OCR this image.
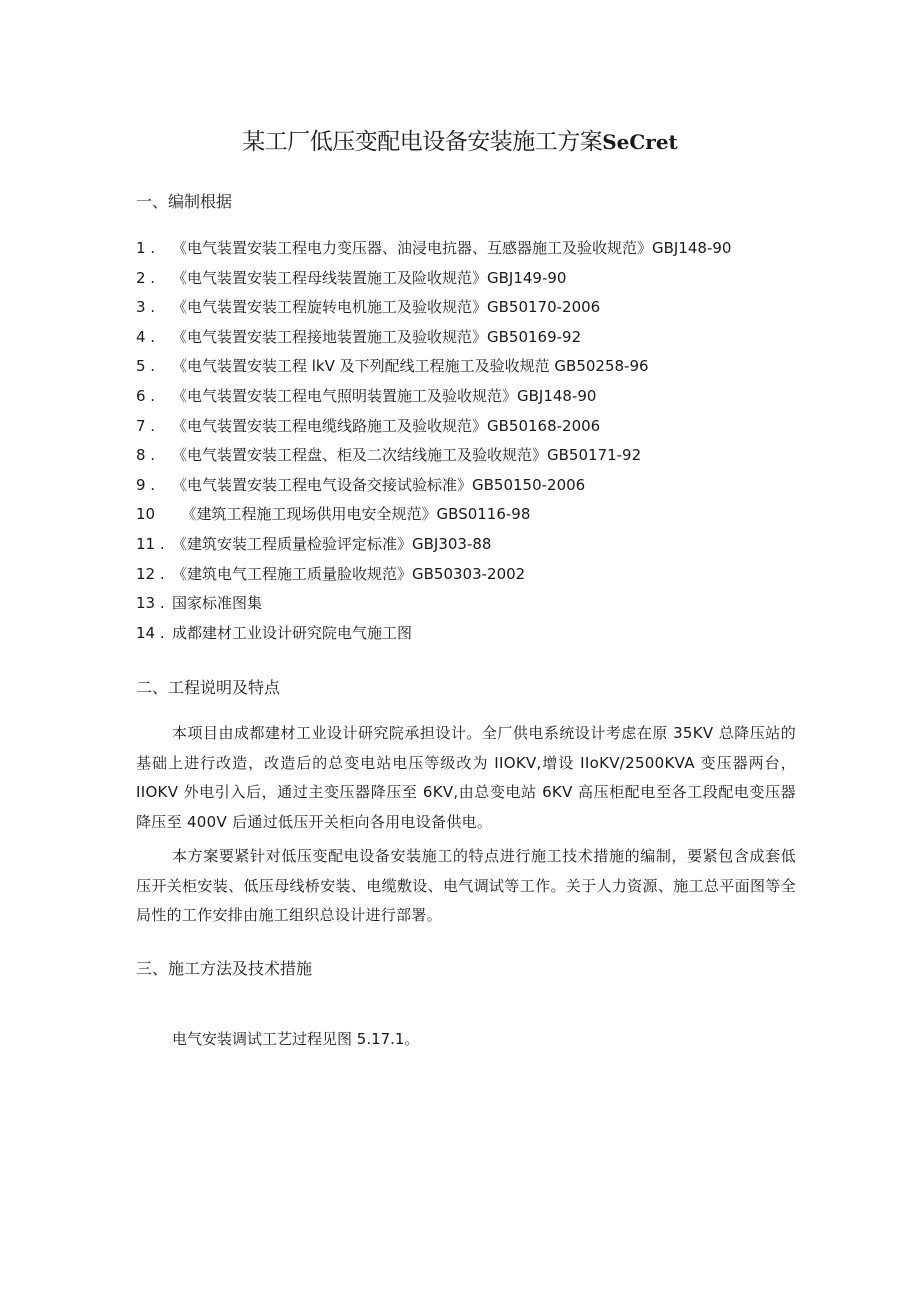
某工厂低压变配电设备安装施工方案SeCret
一、编制根据
1 .	《电气装置安装工程电力变压器、油浸电抗器、互感器施工及验收规范》GBJ148-90
2 .	《电气装置安装工程母线装置施工及险收规范》GBJ149-90
3 .	《电气装置安装工程旋转电机施工及验收规范》GB50170-2006
4 .	《电气装置安装工程接地装置施工及验收规范》GB50169-92
5 .	《电气装置安装工程 lkV 及下列配线工程施工及验收规范 GB50258-96
6 .	《电气装置安装工程电气照明装置施工及验收规范》GBJ148-90
7 .	《电气装置安装工程电缆线路施工及验收规范》GB50168-2006
8 .	《电气装置安装工程盘、柜及二次结线施工及验收规范》GB50171-92
9 .	《电气装置安装工程电气设备交接试验标准》GB50150-2006
10	《建筑工程施工现场供用电安全规范》GBS0116-98
11 . 《建筑安装工程质量检验评定标准》GBJ303-88
12 . 《建筑电气工程施工质量脸收规范》GB50303-2002
13 . 国家标准图集
14 . 成都建材工业设计研究院电气施工图
二、工程说明及特点

本项目由成都建材工业设计研究院承担设计。全厂供电系统设计考虑在原 35KV 总降压站的基础上进行改造，改造后的总变电站电压等级改为 IIOKV,增设 IIoKV/2500KVA 变压器两台，IIOKV 外电引入后，通过主变压器降压至 6KV,由总变电站 6KV 高压柜配电至各工段配电变压器降压至 400V 后通过低压开关柜向各用电设备供电。

本方案要紧针对低压变配电设备安装施工的特点进行施工技术措施的编制，要紧包含成套低压开关柜安装、低压母线桥安装、电缆敷设、电气调试等工作。关于人力资源、施工总平面图等全局性的工作安排由施工组织总设计进行部署。

三、施工方法及技术措施
电气安装调试工艺过程见图 5.17.1。
